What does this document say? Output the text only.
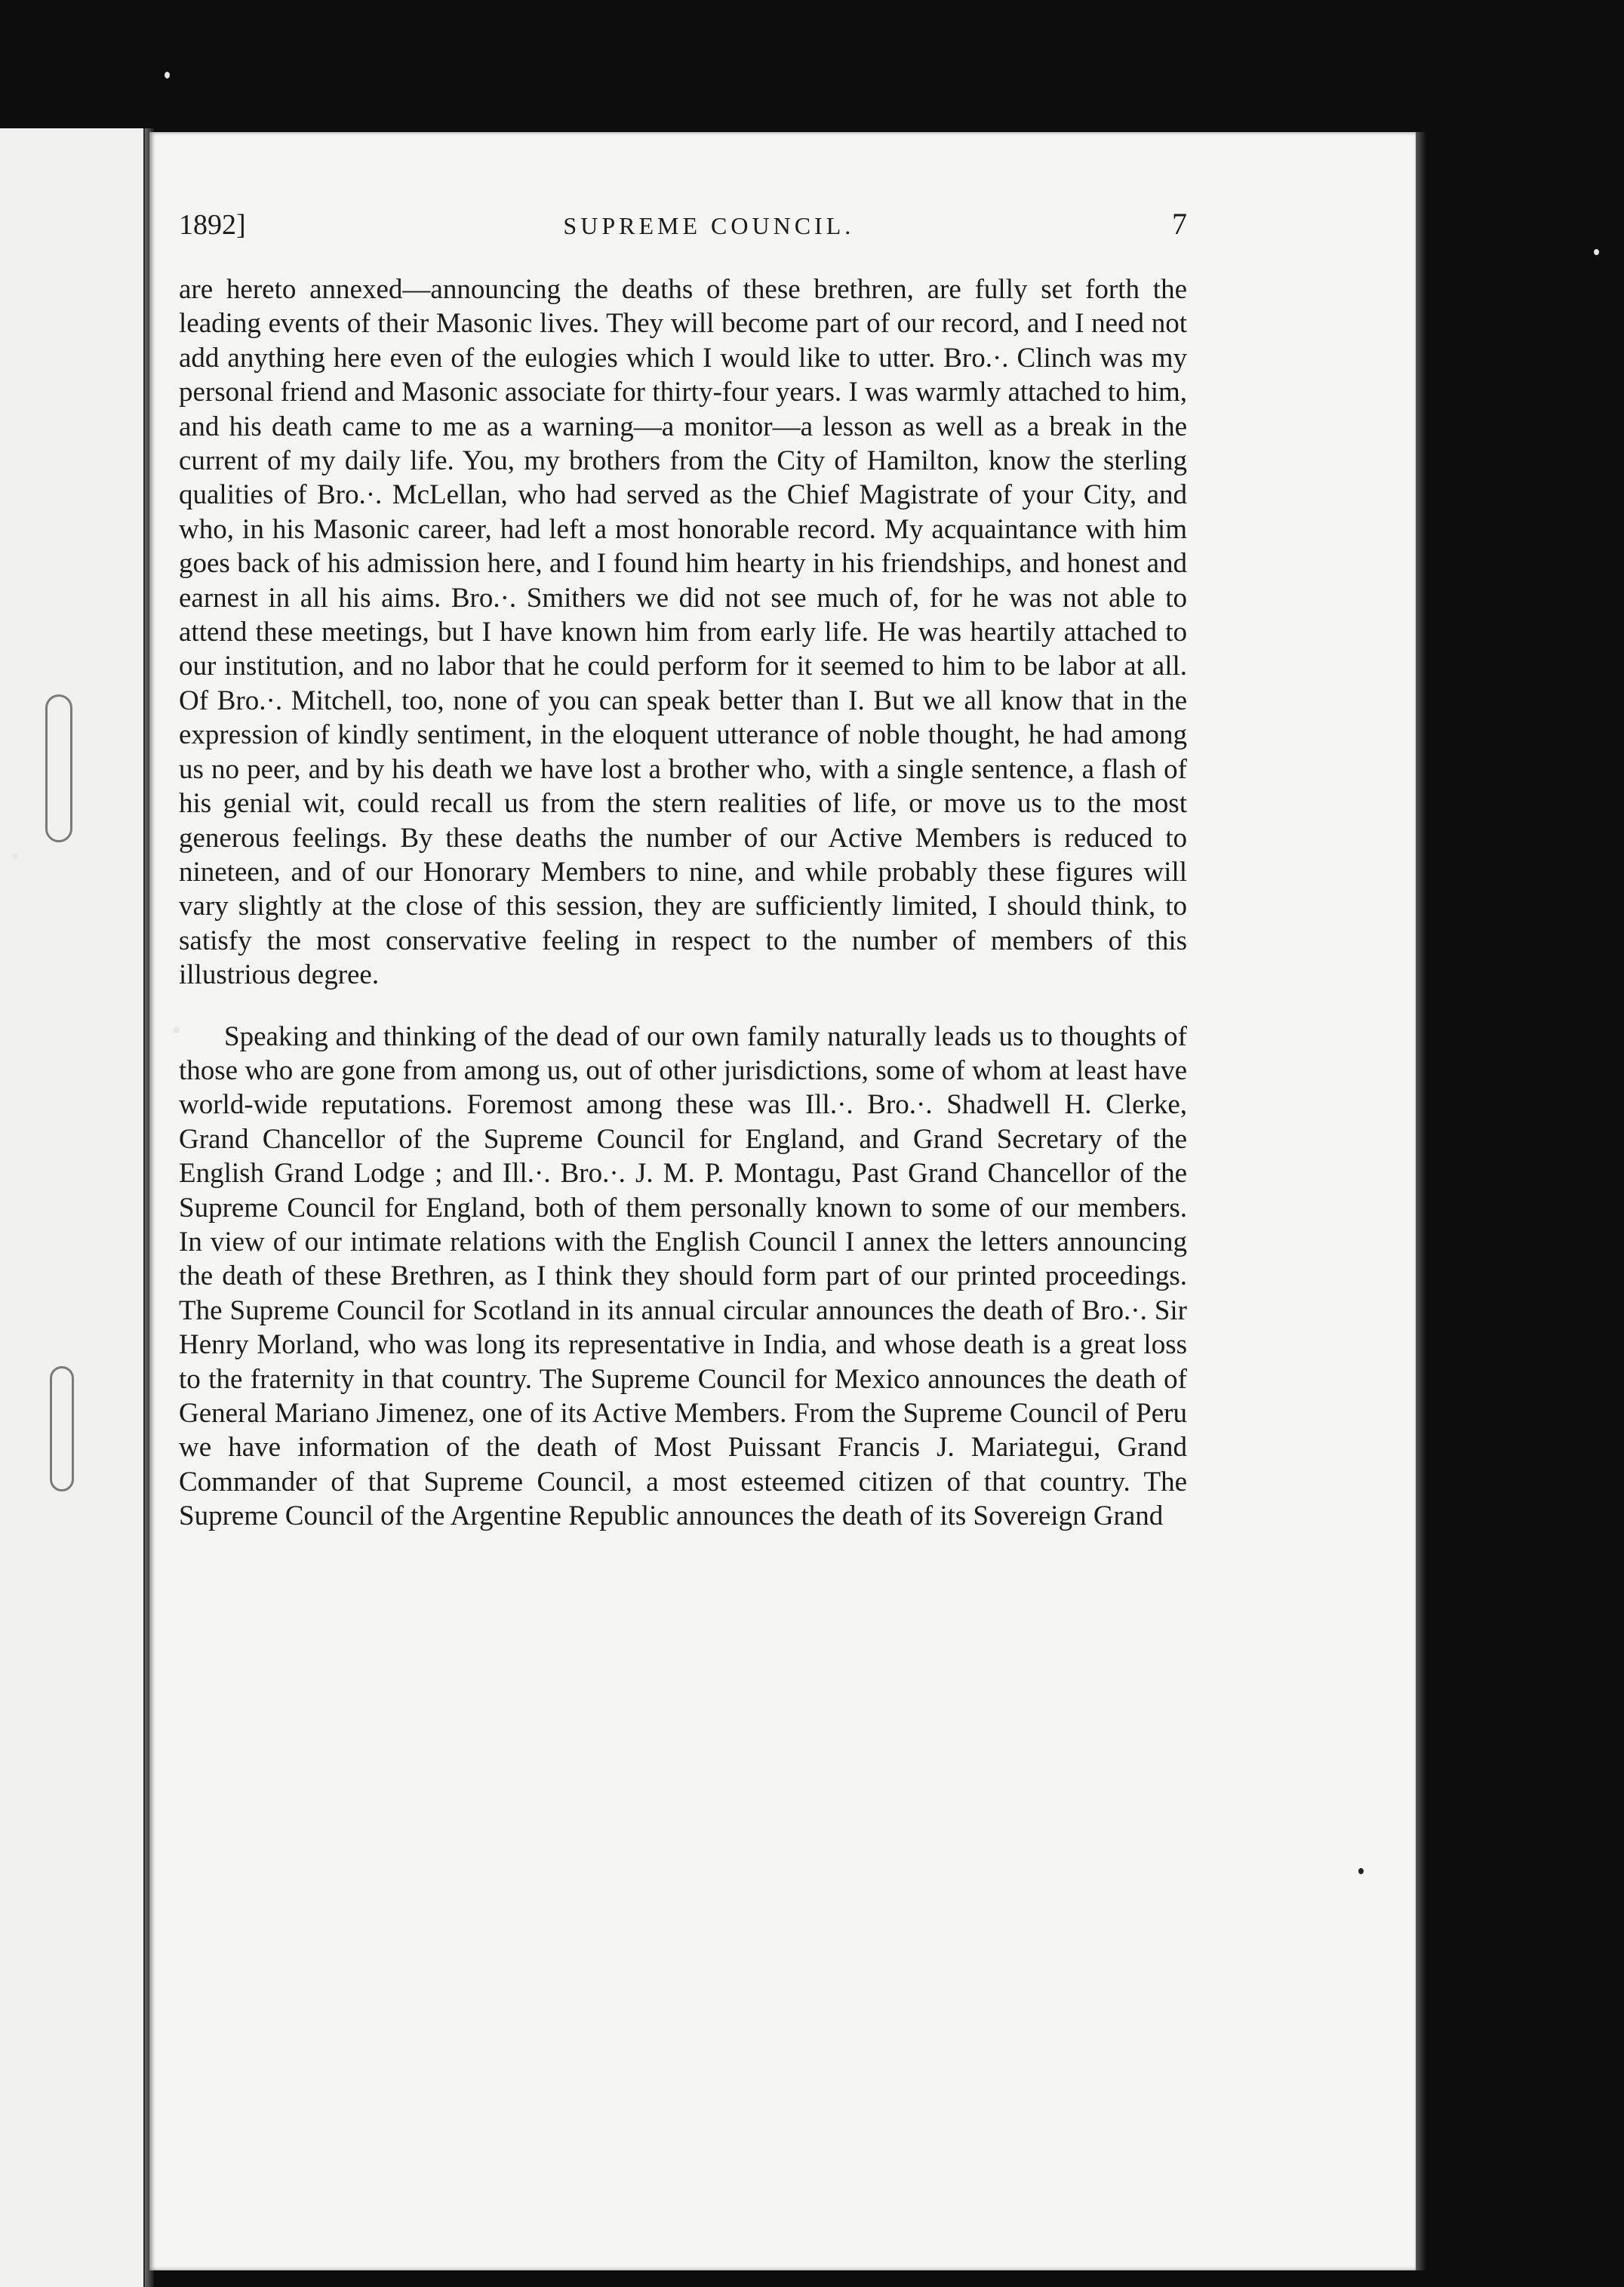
1892]	SUPREME COUNCIL.	7

are hereto annexed—announcing the deaths of these brethren, are fully set forth the leading events of their Masonic lives. They will become part of our record, and I need not add anything here even of the eulogies which I would like to utter. Bro.·. Clinch was my personal friend and Masonic associate for thirty-four years. I was warmly attached to him, and his death came to me as a warning—a monitor—a lesson as well as a break in the current of my daily life. You, my brothers from the City of Hamilton, know the sterling qualities of Bro.·. McLellan, who had served as the Chief Magistrate of your City, and who, in his Masonic career, had left a most honorable record. My acquaintance with him goes back of his admission here, and I found him hearty in his friendships, and honest and earnest in all his aims. Bro.·. Smithers we did not see much of, for he was not able to attend these meetings, but I have known him from early life. He was heartily attached to our institution, and no labor that he could perform for it seemed to him to be labor at all. Of Bro.·. Mitchell, too, none of you can speak better than I. But we all know that in the expression of kindly sentiment, in the eloquent utterance of noble thought, he had among us no peer, and by his death we have lost a brother who, with a single sentence, a flash of his genial wit, could recall us from the stern realities of life, or move us to the most generous feelings. By these deaths the number of our Active Members is reduced to nineteen, and of our Honorary Members to nine, and while probably these figures will vary slightly at the close of this session, they are sufficiently limited, I should think, to satisfy the most conservative feeling in respect to the number of members of this illustrious degree.

Speaking and thinking of the dead of our own family naturally leads us to thoughts of those who are gone from among us, out of other jurisdictions, some of whom at least have world-wide reputations. Foremost among these was Ill.·. Bro.·. Shadwell H. Clerke, Grand Chancellor of the Supreme Council for England, and Grand Secretary of the English Grand Lodge ; and Ill.·. Bro.·. J. M. P. Montagu, Past Grand Chancellor of the Supreme Council for England, both of them personally known to some of our members. In view of our intimate relations with the English Council I annex the letters announcing the death of these Brethren, as I think they should form part of our printed proceedings. The Supreme Council for Scotland in its annual circular announces the death of Bro.·. Sir Henry Morland, who was long its representative in India, and whose death is a great loss to the fraternity in that country. The Supreme Council for Mexico announces the death of General Mariano Jimenez, one of its Active Members. From the Supreme Council of Peru we have information of the death of Most Puissant Francis J. Mariategui, Grand Commander of that Supreme Council, a most esteemed citizen of that country. The Supreme Council of the Argentine Republic announces the death of its Sovereign Grand
